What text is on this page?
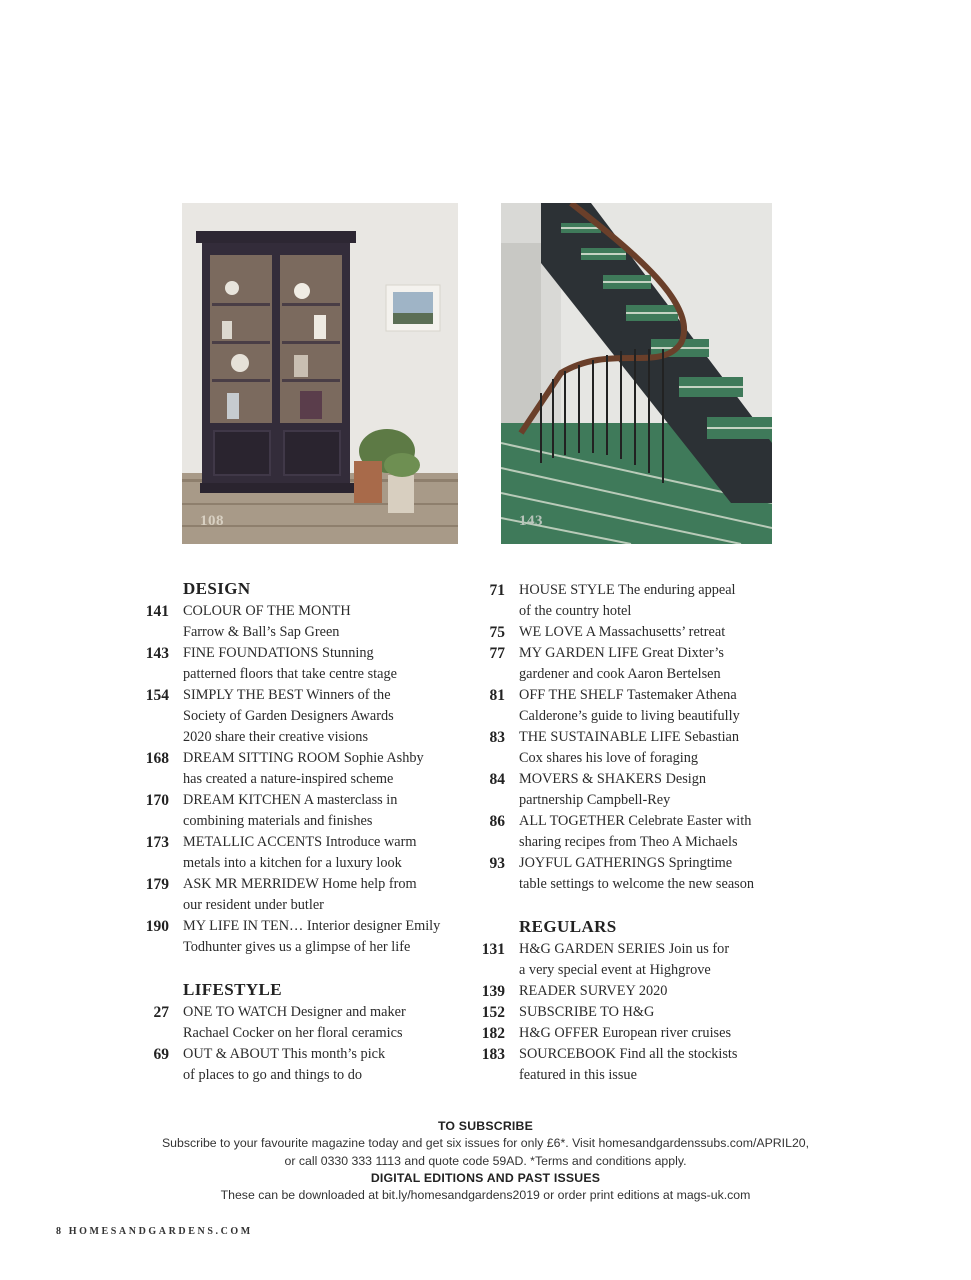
108	143
DESIGN
141 COLOUR OF THE MONTH
Farrow & Ball’s Sap Green
143 FINE FOUNDATIONS Stunning
patterned floors that take centre stage
154 SIMPLY THE BEST Winners of the
Society of Garden Designers Awards
2020 share their creative visions
168 DREAM SITTING ROOM Sophie Ashby
has created a nature-inspired scheme
170 DREAM KITCHEN A masterclass in
combining materials and finishes
173 METALLIC ACCENTS Introduce warm
metals into a kitchen for a luxury look
179 ASK MR MERRIDEW Home help from
our resident under butler
190 MY LIFE IN TEN… Interior designer Emily
Todhunter gives us a glimpse of her life
LIFESTYLE
27 ONE TO WATCH Designer and maker
Rachael Cocker on her floral ceramics
69 OUT & ABOUT This month’s pick
of places to go and things to do
71 HOUSE STYLE The enduring appeal
of the country hotel
75 WE LOVE A Massachusetts’ retreat
77 MY GARDEN LIFE Great Dixter’s
gardener and cook Aaron Bertelsen
81 OFF THE SHELF Tastemaker Athena
Calderone’s guide to living beautifully
83 THE SUSTAINABLE LIFE Sebastian
Cox shares his love of foraging
84 MOVERS & SHAKERS Design
partnership Campbell-Rey
86 ALL TOGETHER Celebrate Easter with
sharing recipes from Theo A Michaels
93 JOYFUL GATHERINGS Springtime
table settings to welcome the new season
REGULARS
131 H&G GARDEN SERIES Join us for
a very special event at Highgrove
139 READER SURVEY 2020
152 SUBSCRIBE TO H&G
182 H&G OFFER European river cruises
183 SOURCEBOOK Find all the stockists
featured in this issue
TO SUBSCRIBE
Subscribe to your favourite magazine today and get six issues for only £6*. Visit homesandgardenssubs.com/APRIL20,
or call 0330 333 1113 and quote code 59AD. *Terms and conditions apply.
DIGITAL EDITIONS AND PAST ISSUES
These can be downloaded at bit.ly/homesandgardens2019 or order print editions at mags-uk.com
8 HOMESANDGARDENS.COM
